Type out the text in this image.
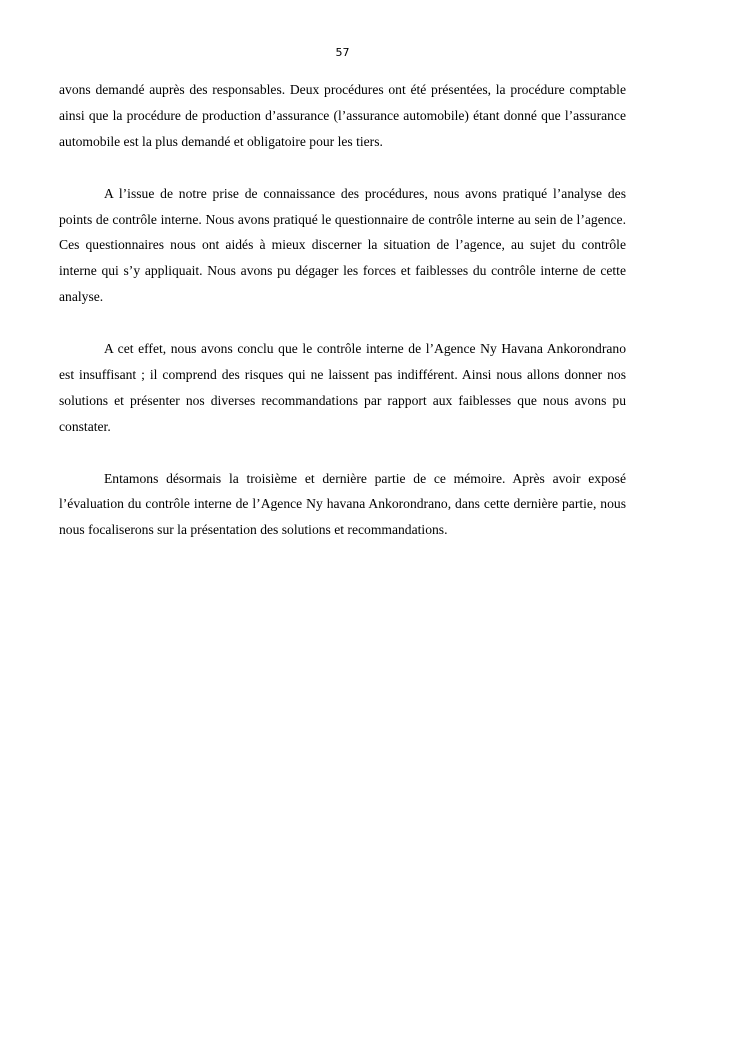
57

avons demandé auprès des responsables. Deux procédures ont été présentées, la procédure comptable ainsi que la procédure de production d’assurance (l’assurance automobile) étant donné que l’assurance automobile est la plus demandé et obligatoire pour les tiers.

A l’issue de notre prise de connaissance des procédures, nous avons pratiqué l’analyse des points de contrôle interne. Nous avons pratiqué le questionnaire de contrôle interne au sein de l’agence. Ces questionnaires nous ont aidés à mieux discerner la situation de l’agence, au sujet du contrôle interne qui s’y appliquait. Nous avons pu dégager les forces et faiblesses du contrôle interne de cette analyse.

A cet effet, nous avons conclu que le contrôle interne de l’Agence Ny Havana Ankorondrano est insuffisant ; il comprend des risques qui ne laissent pas indifférent. Ainsi nous allons donner nos solutions et présenter nos diverses recommandations par rapport aux faiblesses que nous avons pu constater.

Entamons désormais la troisième et dernière partie de ce mémoire. Après avoir exposé l’évaluation du contrôle interne de l’Agence Ny havana Ankorondrano, dans cette dernière partie, nous nous focaliserons sur la présentation des solutions et recommandations.
